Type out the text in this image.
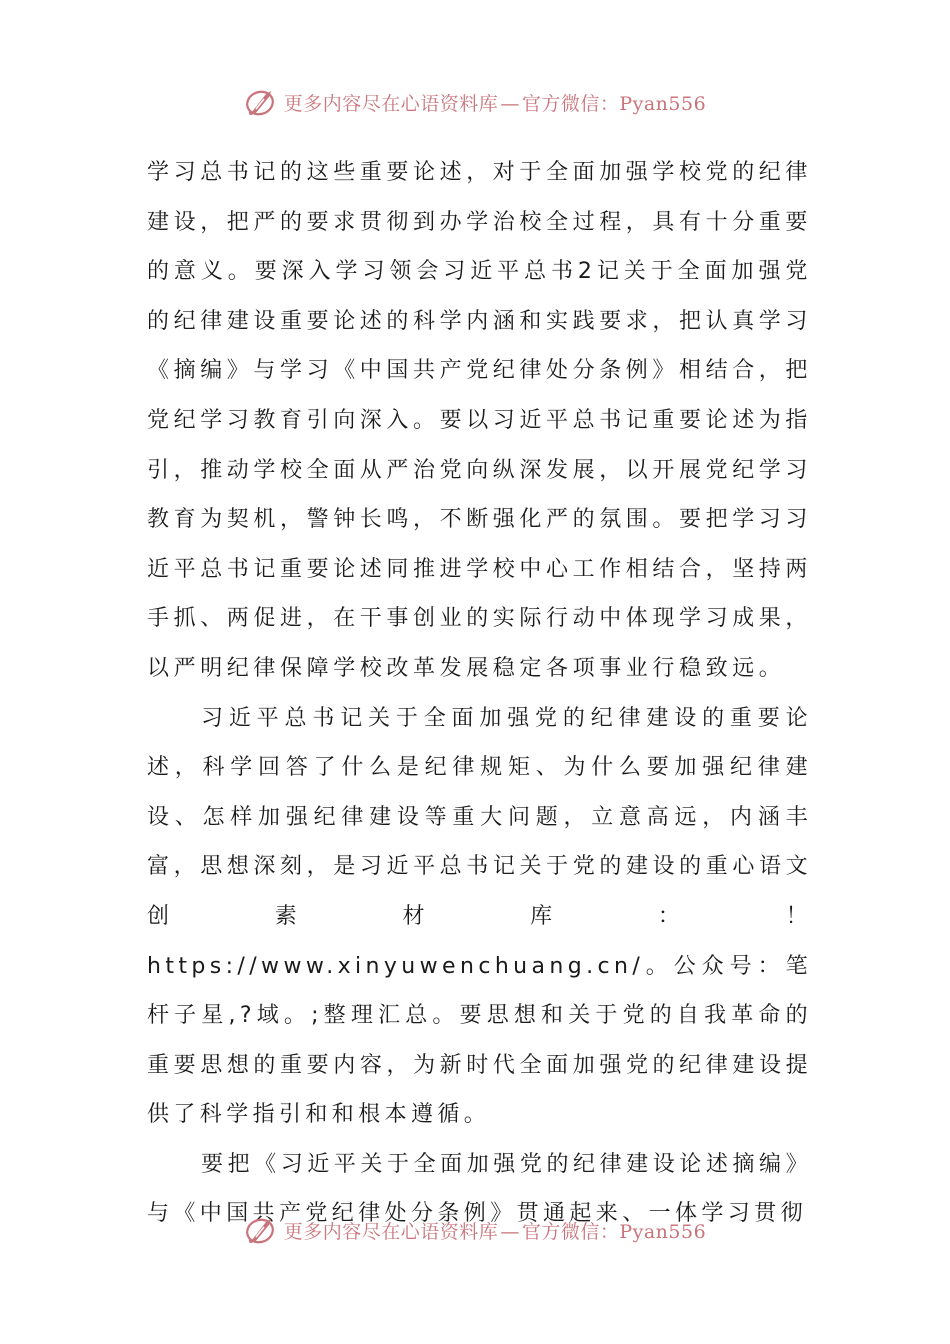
更多内容尽在心语资料库 — 官方微信：Pyan556

学习总书记的这些重要论述，对于全面加强学校党的纪律建设，把严的要求贯彻到办学治校全过程，具有十分重要的意义。要深入学习领会习近平总书2记关于全面加强党的纪律建设重要论述的科学内涵和实践要求，把认真学习《摘编》与学习《中国共产党纪律处分条例》相结合，把党纪学习教育引向深入。要以习近平总书记重要论述为指引，推动学校全面从严治党向纵深发展，以开展党纪学习教育为契机，警钟长鸣，不断强化严的氛围。要把学习习近平总书记重要论述同推进学校中心工作相结合，坚持两手抓、两促进，在干事创业的实际行动中体现学习成果，以严明纪律保障学校改革发展稳定各项事业行稳致远。

习近平总书记关于全面加强党的纪律建设的重要论述，科学回答了什么是纪律规矩、为什么要加强纪律建设、怎样加强纪律建设等重大问题，立意高远，内涵丰富，思想深刻，是习近平总书记关于党的建设的重心语文创素材库：！https://www.xinyuwenchuang.cn/。公众号：笔杆子星,?域。;整理汇总。要思想和关于党的自我革命的重要思想的重要内容，为新时代全面加强党的纪律建设提供了科学指引和和根本遵循。

要把《习近平关于全面加强党的纪律建设论述摘编》与《中国共产党纪律处分条例》贯通起来、一体学习贯彻

更多内容尽在心语资料库 — 官方微信：Pyan556
